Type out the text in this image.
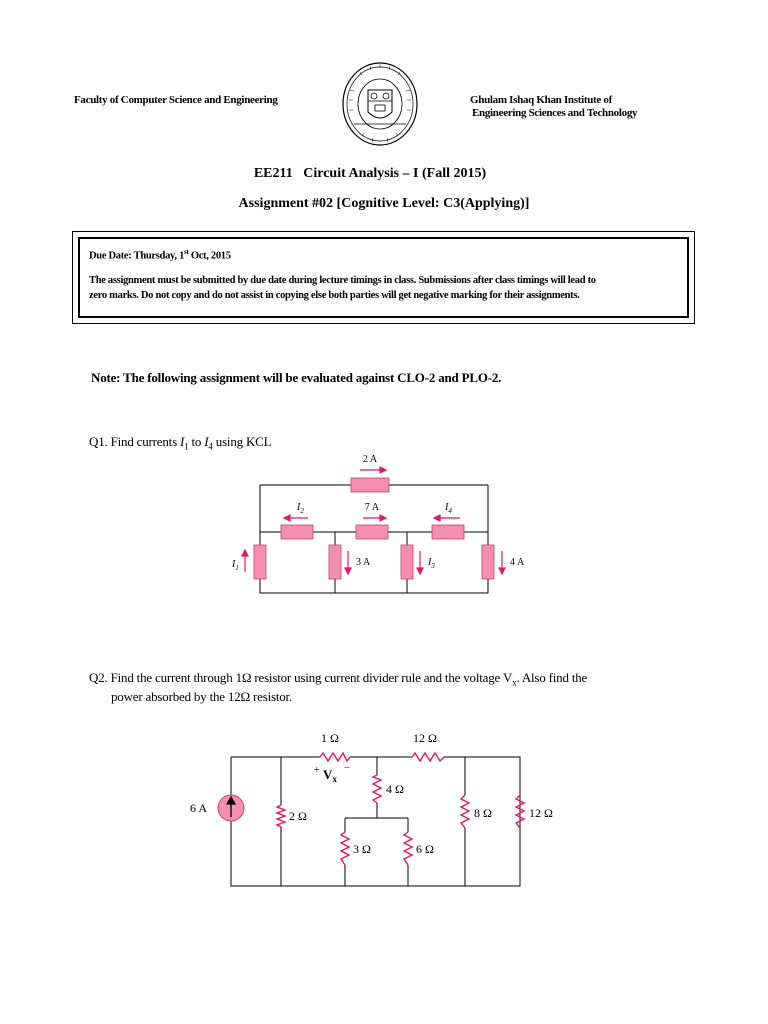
Faculty of Computer Science and Engineering	Ghulam Ishaq Khan Institute of
Engineering Sciences and Technology
EE211   Circuit Analysis – I (Fall 2015)
Assignment #02 [Cognitive Level: C3(Applying)]
Due Date: Thursday, 1st Oct, 2015
The assignment must be submitted by due date during lecture timings in class. Submissions after class timings will lead to
zero marks. Do not copy and do not assist in copying else both parties will get negative marking for their assignments.
Note: The following assignment will be evaluated against CLO-2 and PLO-2.
Q1. Find currents $I_1$ to $I_4$ using KCL
2 A
$I_2$	7 A	$I_4$
$I_1$	3 A	$I_3$	4 A
Q2. Find the current through 1Ω resistor using current divider rule and the voltage $V_x$. Also find the
power absorbed by the 12Ω resistor.
6 A
1 Ω	12 Ω
+ −
$V_x$
2 Ω
4 Ω
8 Ω	12 Ω
3 Ω	6 Ω
